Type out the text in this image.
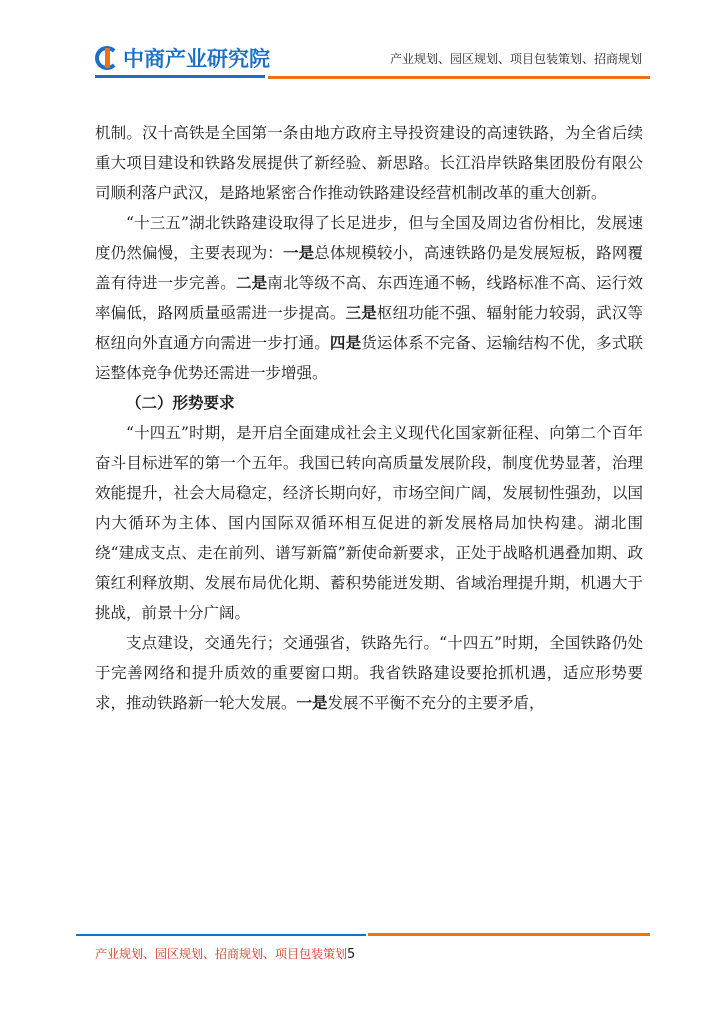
中商产业研究院	产业规划、园区规划、项目包装策划、招商规划

机制。汉十高铁是全国第一条由地方政府主导投资建设的高速铁路，为全省后续重大项目建设和铁路发展提供了新经验、新思路。长江沿岸铁路集团股份有限公司顺利落户武汉，是路地紧密合作推动铁路建设经营机制改革的重大创新。

“十三五”湖北铁路建设取得了长足进步，但与全国及周边省份相比，发展速度仍然偏慢，主要表现为：一是总体规模较小，高速铁路仍是发展短板，路网覆盖有待进一步完善。二是南北等级不高、东西连通不畅，线路标准不高、运行效率偏低，路网质量亟需进一步提高。三是枢纽功能不强、辐射能力较弱，武汉等枢纽向外直通方向需进一步打通。四是货运体系不完备、运输结构不优，多式联运整体竞争优势还需进一步增强。

（二）形势要求

“十四五”时期，是开启全面建成社会主义现代化国家新征程、向第二个百年奋斗目标进军的第一个五年。我国已转向高质量发展阶段，制度优势显著，治理效能提升，社会大局稳定，经济长期向好，市场空间广阔，发展韧性强劲，以国内大循环为主体、国内国际双循环相互促进的新发展格局加快构建。湖北围绕“建成支点、走在前列、谱写新篇”新使命新要求，正处于战略机遇叠加期、政策红利释放期、发展布局优化期、蓄积势能迸发期、省域治理提升期，机遇大于挑战，前景十分广阔。

支点建设，交通先行；交通强省，铁路先行。“十四五”时期，全国铁路仍处于完善网络和提升质效的重要窗口期。我省铁路建设要抢抓机遇，适应形势要求，推动铁路新一轮大发展。一是发展不平衡不充分的主要矛盾，

产业规划、园区规划、招商规划、项目包装策划5
